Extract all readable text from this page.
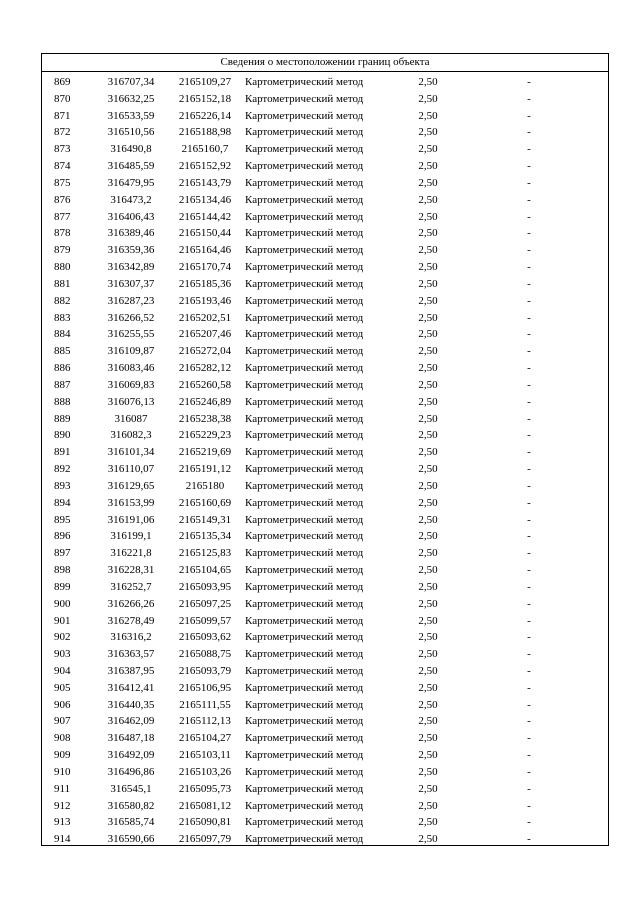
Сведения о местоположении границ объекта
869	316707,34	2165109,27	Картометрический метод	2,50	-
870	316632,25	2165152,18	Картометрический метод	2,50	-
871	316533,59	2165226,14	Картометрический метод	2,50	-
872	316510,56	2165188,98	Картометрический метод	2,50	-
873	316490,8	2165160,7	Картометрический метод	2,50	-
874	316485,59	2165152,92	Картометрический метод	2,50	-
875	316479,95	2165143,79	Картометрический метод	2,50	-
876	316473,2	2165134,46	Картометрический метод	2,50	-
877	316406,43	2165144,42	Картометрический метод	2,50	-
878	316389,46	2165150,44	Картометрический метод	2,50	-
879	316359,36	2165164,46	Картометрический метод	2,50	-
880	316342,89	2165170,74	Картометрический метод	2,50	-
881	316307,37	2165185,36	Картометрический метод	2,50	-
882	316287,23	2165193,46	Картометрический метод	2,50	-
883	316266,52	2165202,51	Картометрический метод	2,50	-
884	316255,55	2165207,46	Картометрический метод	2,50	-
885	316109,87	2165272,04	Картометрический метод	2,50	-
886	316083,46	2165282,12	Картометрический метод	2,50	-
887	316069,83	2165260,58	Картометрический метод	2,50	-
888	316076,13	2165246,89	Картометрический метод	2,50	-
889	316087	2165238,38	Картометрический метод	2,50	-
890	316082,3	2165229,23	Картометрический метод	2,50	-
891	316101,34	2165219,69	Картометрический метод	2,50	-
892	316110,07	2165191,12	Картометрический метод	2,50	-
893	316129,65	2165180	Картометрический метод	2,50	-
894	316153,99	2165160,69	Картометрический метод	2,50	-
895	316191,06	2165149,31	Картометрический метод	2,50	-
896	316199,1	2165135,34	Картометрический метод	2,50	-
897	316221,8	2165125,83	Картометрический метод	2,50	-
898	316228,31	2165104,65	Картометрический метод	2,50	-
899	316252,7	2165093,95	Картометрический метод	2,50	-
900	316266,26	2165097,25	Картометрический метод	2,50	-
901	316278,49	2165099,57	Картометрический метод	2,50	-
902	316316,2	2165093,62	Картометрический метод	2,50	-
903	316363,57	2165088,75	Картометрический метод	2,50	-
904	316387,95	2165093,79	Картометрический метод	2,50	-
905	316412,41	2165106,95	Картометрический метод	2,50	-
906	316440,35	2165111,55	Картометрический метод	2,50	-
907	316462,09	2165112,13	Картометрический метод	2,50	-
908	316487,18	2165104,27	Картометрический метод	2,50	-
909	316492,09	2165103,11	Картометрический метод	2,50	-
910	316496,86	2165103,26	Картометрический метод	2,50	-
911	316545,1	2165095,73	Картометрический метод	2,50	-
912	316580,82	2165081,12	Картометрический метод	2,50	-
913	316585,74	2165090,81	Картометрический метод	2,50	-
914	316590,66	2165097,79	Картометрический метод	2,50	-
